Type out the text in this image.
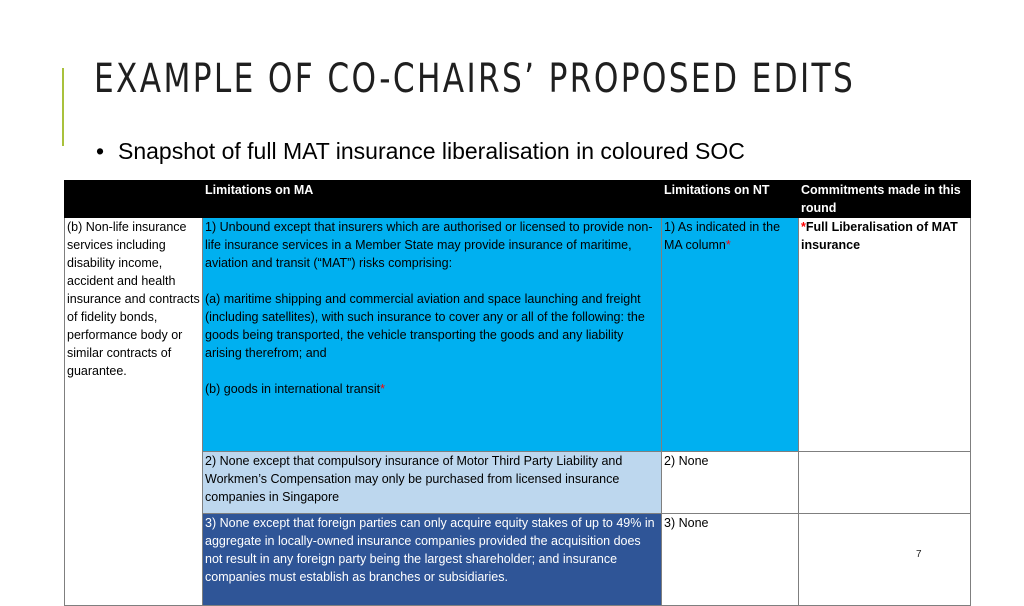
EXAMPLE OF CO-CHAIRS’ PROPOSED EDITS
• Snapshot of full MAT insurance liberalisation in coloured SOC
	Limitations on MA	Limitations on NT	Commitments made in this round
(b) Non-life insurance services including disability income, accident and health insurance and contracts of fidelity bonds, performance body or similar contracts of guarantee.	1) Unbound except that insurers which are authorised or licensed to provide non-life insurance services in a Member State may provide insurance of maritime, aviation and transit (“MAT”) risks comprising:

(a) maritime shipping and commercial aviation and space launching and freight (including satellites), with such insurance to cover any or all of the following: the goods being transported, the vehicle transporting the goods and any liability arising therefrom; and

(b) goods in international transit*	1) As indicated in the MA column*	*Full Liberalisation of MAT insurance
	2) None except that compulsory insurance of Motor Third Party Liability and Workmen’s Compensation may only be purchased from licensed insurance companies in Singapore	2) None	
	3) None except that foreign parties can only acquire equity stakes of up to 49% in aggregate in locally-owned insurance companies provided the acquisition does not result in any foreign party being the largest shareholder; and insurance companies must establish as branches or subsidiaries.	3) None	
7
